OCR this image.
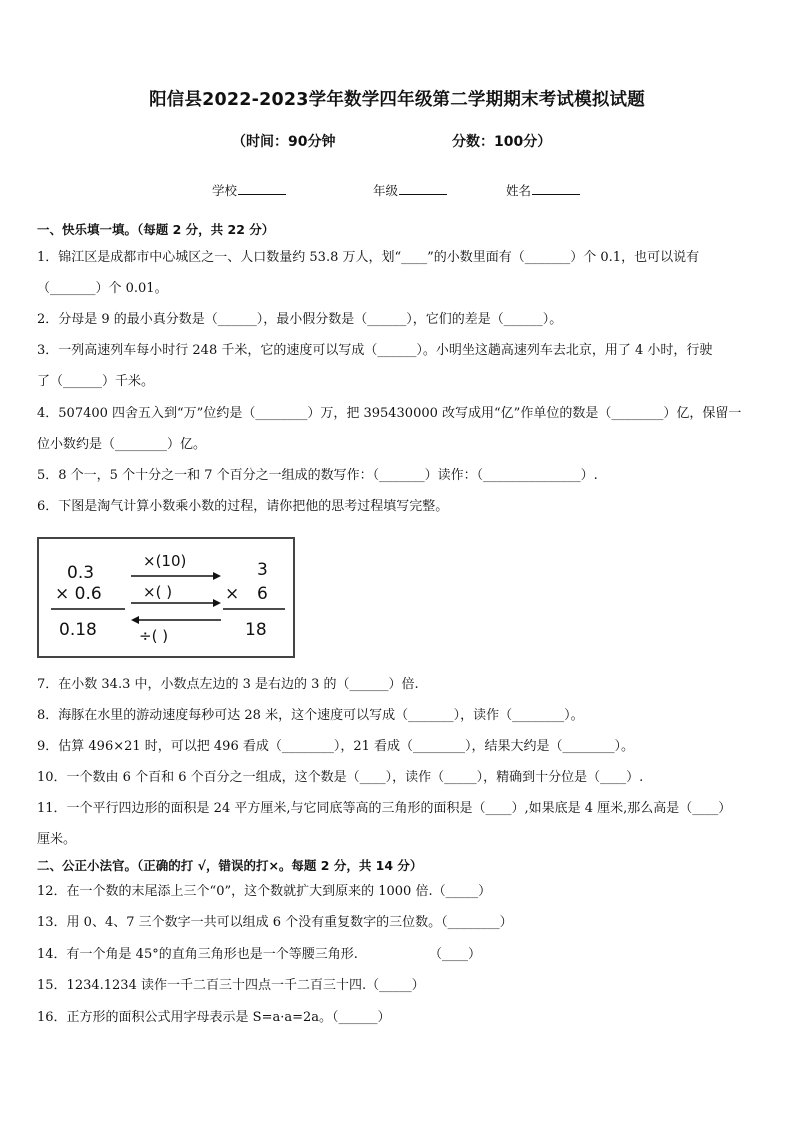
阳信县2022-2023学年数学四年级第二学期期末考试模拟试题
（时间：90分钟	分数：100分）
学校	年级	姓名
一、快乐填一填。（每题 2 分，共 22 分）
1．锦江区是成都市中心城区之一、人口数量约 53.8 万人，划“____”的小数里面有（_______）个 0.1，也可以说有
（_______）个 0.01。
2．分母是 9 的最小真分数是（______），最小假分数是（______），它们的差是（______）。
3．一列高速列车每小时行 248 千米，它的速度可以写成（______）。小明坐这趟高速列车去北京，用了 4 小时，行驶
了（______）千米。
4．507400 四舍五入到“万”位约是（________）万，把 395430000 改写成用“亿”作单位的数是（________）亿，保留一
位小数约是（________）亿。
5．8 个一，5 个十分之一和 7 个百分之一组成的数写作：（_______）读作：（_______________）.
6．下图是淘气计算小数乘小数的过程，请你把他的思考过程填写完整。
0.3
× 0.6
0.18
×(10)
×( )
÷( )
3
× 6
18
7．在小数 34.3 中，小数点左边的 3 是右边的 3 的（______）倍.
8．海豚在水里的游动速度每秒可达 28 米，这个速度可以写成（_______），读作（________）。
9．估算 496×21 时，可以把 496 看成（________），21 看成（________），结果大约是（________）。
10．一个数由 6 个百和 6 个百分之一组成，这个数是（____），读作（_____），精确到十分位是（____）.
11．一个平行四边形的面积是 24 平方厘米,与它同底等高的三角形的面积是（____）,如果底是 4 厘米,那么高是（____）
厘米。
二、公正小法官。（正确的打 √，错误的打×。每题 2 分，共 14 分）
12．在一个数的末尾添上三个“0”，这个数就扩大到原来的 1000 倍.（_____）
13．用 0、4、7 三个数字一共可以组成 6 个没有重复数字的三位数。（________）
14．有一个角是 45°的直角三角形也是一个等腰三角形.	（____）
15．1234.1234 读作一千二百三十四点一千二百三十四.（_____）
16．正方形的面积公式用字母表示是 S=a·a=2a。（______）
